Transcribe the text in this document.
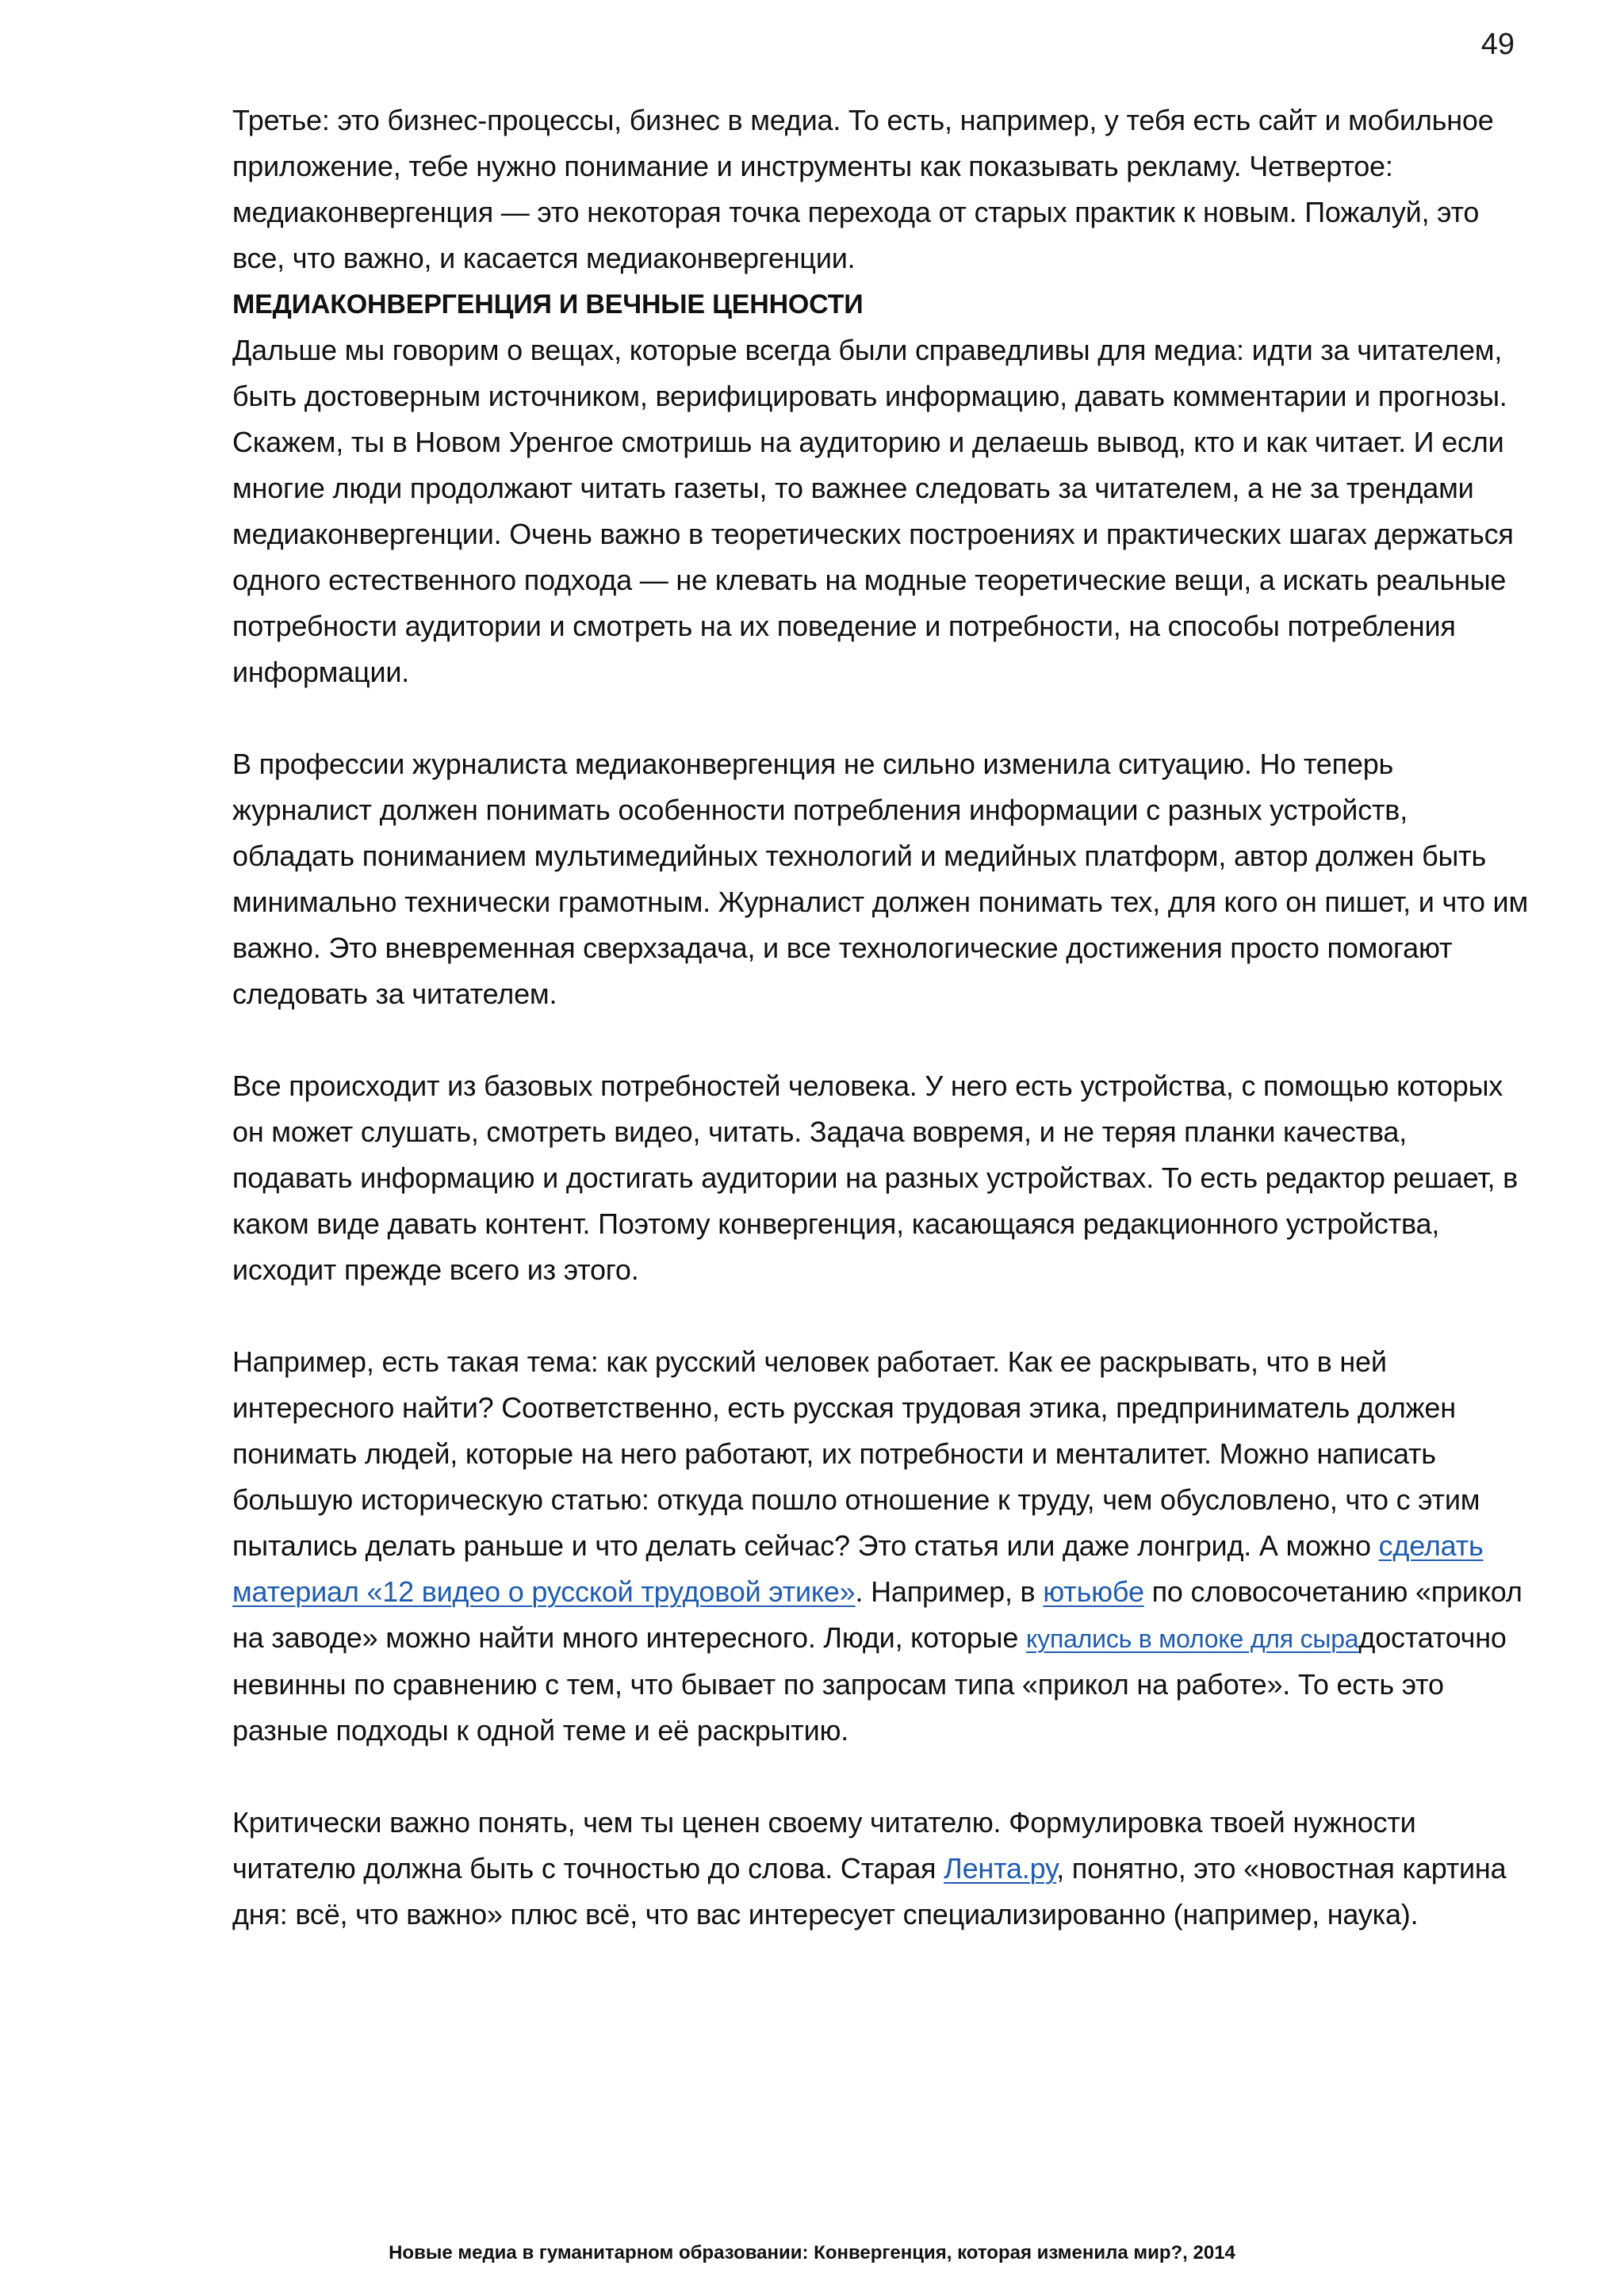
49

Третье: это бизнес-процессы, бизнес в медиа. То есть, например, у тебя есть сайт и мобильное приложение, тебе нужно понимание и инструменты как показывать рекламу. Четвертое: медиаконвергенция — это некоторая точка перехода от старых практик к новым. Пожалуй, это все, что важно, и касается медиаконвергенции.

МЕДИАКОНВЕРГЕНЦИЯ И ВЕЧНЫЕ ЦЕННОСТИ

Дальше мы говорим о вещах, которые всегда были справедливы для медиа: идти за читателем, быть достоверным источником, верифицировать информацию, давать комментарии и прогнозы. Скажем, ты в Новом Уренгое смотришь на аудиторию и делаешь вывод, кто и как читает. И если многие люди продолжают читать газеты, то важнее следовать за читателем, а не за трендами медиаконвергенции. Очень важно в теоретических построениях и практических шагах держаться одного естественного подхода — не клевать на модные теоретические вещи, а искать реальные потребности аудитории и смотреть на их поведение и потребности, на способы потребления информации.

В профессии журналиста медиаконвергенция не сильно изменила ситуацию. Но теперь журналист должен понимать особенности потребления информации с разных устройств, обладать пониманием мультимедийных технологий и медийных платформ, автор должен быть минимально технически грамотным. Журналист должен понимать тех, для кого он пишет, и что им важно. Это вневременная сверхзадача, и все технологические достижения просто помогают следовать за читателем.

Все происходит из базовых потребностей человека. У него есть устройства, с помощью которых он может слушать, смотреть видео, читать. Задача вовремя, и не теряя планки качества, подавать информацию и достигать аудитории на разных устройствах. То есть редактор решает, в каком виде давать контент. Поэтому конвергенция, касающаяся редакционного устройства, исходит прежде всего из этого.

Например, есть такая тема: как русский человек работает. Как ее раскрывать, что в ней интересного найти? Соответственно, есть русская трудовая этика, предприниматель должен понимать людей, которые на него работают, их потребности и менталитет. Можно написать большую историческую статью: откуда пошло отношение к труду, чем обусловлено, что с этим пытались делать раньше и что делать сейчас? Это статья или даже лонгрид. А можно сделать материал «12 видео о русской трудовой этике». Например, в ютьюбе по словосочетанию «прикол на заводе» можно найти много интересного. Люди, которые купались в молоке для сырадостаточно невинны по сравнению с тем, что бывает по запросам типа «прикол на работе». То есть это разные подходы к одной теме и её раскрытию.

Критически важно понять, чем ты ценен своему читателю. Формулировка твоей нужности читателю должна быть с точностью до слова. Старая Лента.ру, понятно, это «новостная картина дня: всё, что важно» плюс всё, что вас интересует специализированно (например, наука).

Новые медиа в гуманитарном образовании: Конвергенция, которая изменила мир?, 2014
